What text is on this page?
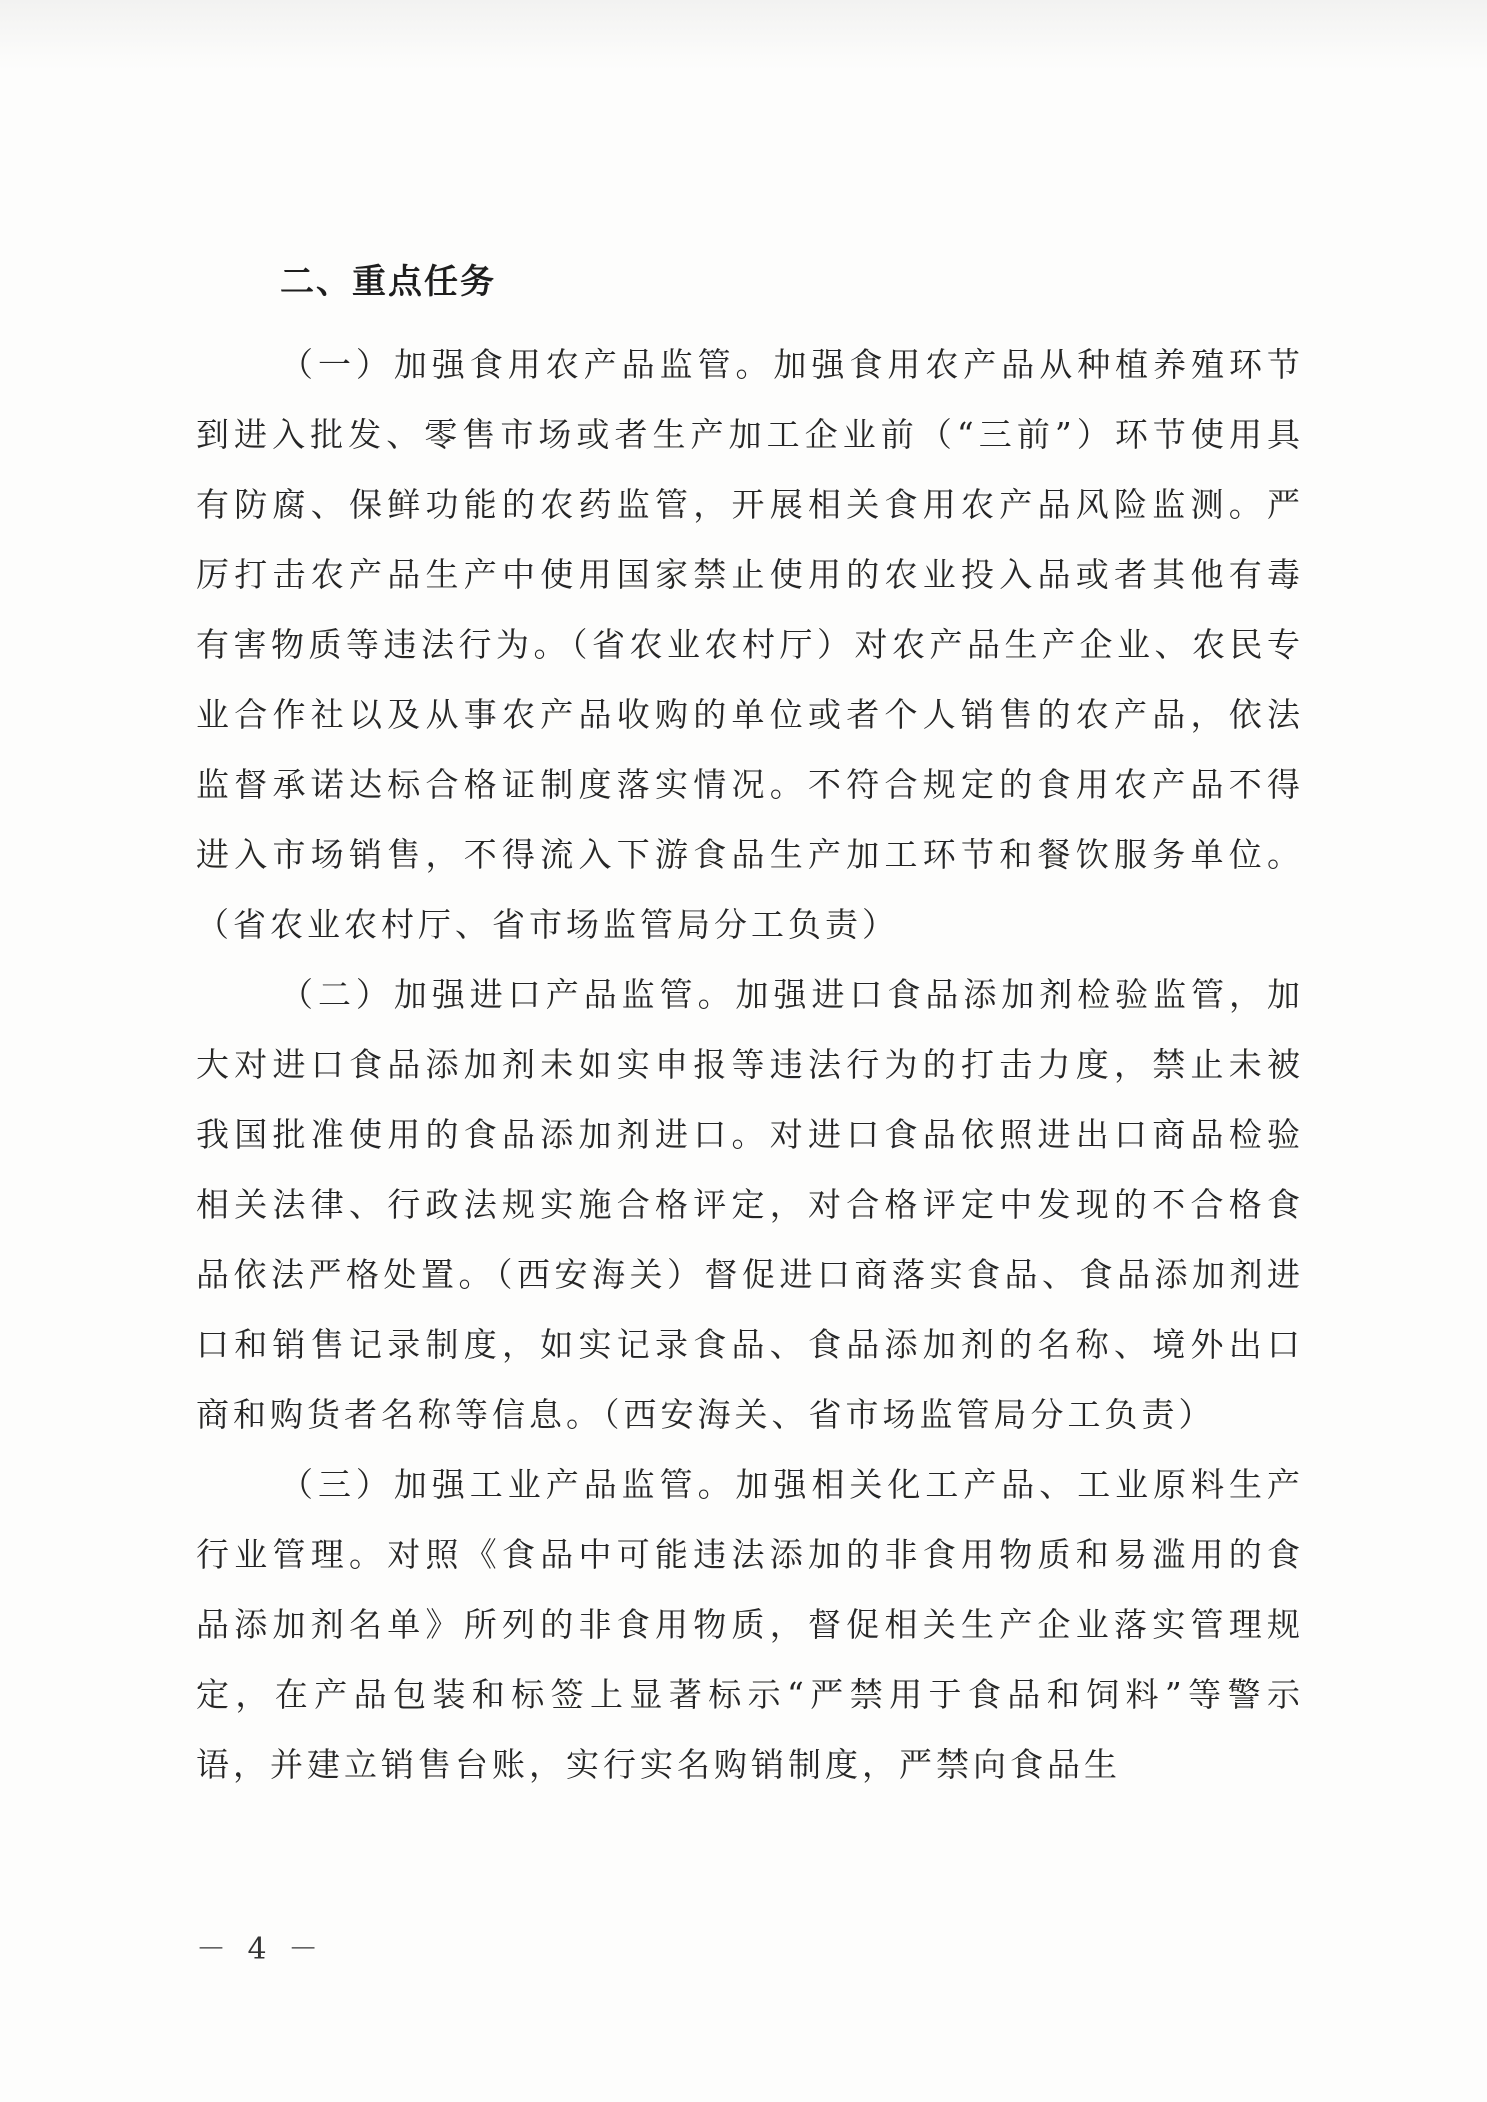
二、重点任务

（一）加强食用农产品监管。加强食用农产品从种植养殖环节到进入批发、零售市场或者生产加工企业前（“三前”）环节使用具有防腐、保鲜功能的农药监管，开展相关食用农产品风险监测。严厉打击农产品生产中使用国家禁止使用的农业投入品或者其他有毒有害物质等违法行为。（省农业农村厅）对农产品生产企业、农民专业合作社以及从事农产品收购的单位或者个人销售的农产品，依法监督承诺达标合格证制度落实情况。不符合规定的食用农产品不得进入市场销售，不得流入下游食品生产加工环节和餐饮服务单位。（省农业农村厅、省市场监管局分工负责）

（二）加强进口产品监管。加强进口食品添加剂检验监管，加大对进口食品添加剂未如实申报等违法行为的打击力度，禁止未被我国批准使用的食品添加剂进口。对进口食品依照进出口商品检验相关法律、行政法规实施合格评定，对合格评定中发现的不合格食品依法严格处置。（西安海关）督促进口商落实食品、食品添加剂进口和销售记录制度，如实记录食品、食品添加剂的名称、境外出口商和购货者名称等信息。（西安海关、省市场监管局分工负责）

（三）加强工业产品监管。加强相关化工产品、工业原料生产行业管理。对照《食品中可能违法添加的非食用物质和易滥用的食品添加剂名单》所列的非食用物质，督促相关生产企业落实管理规定，在产品包装和标签上显著标示“严禁用于食品和饲料”等警示语，并建立销售台账，实行实名购销制度，严禁向食品生

－ 4 －
